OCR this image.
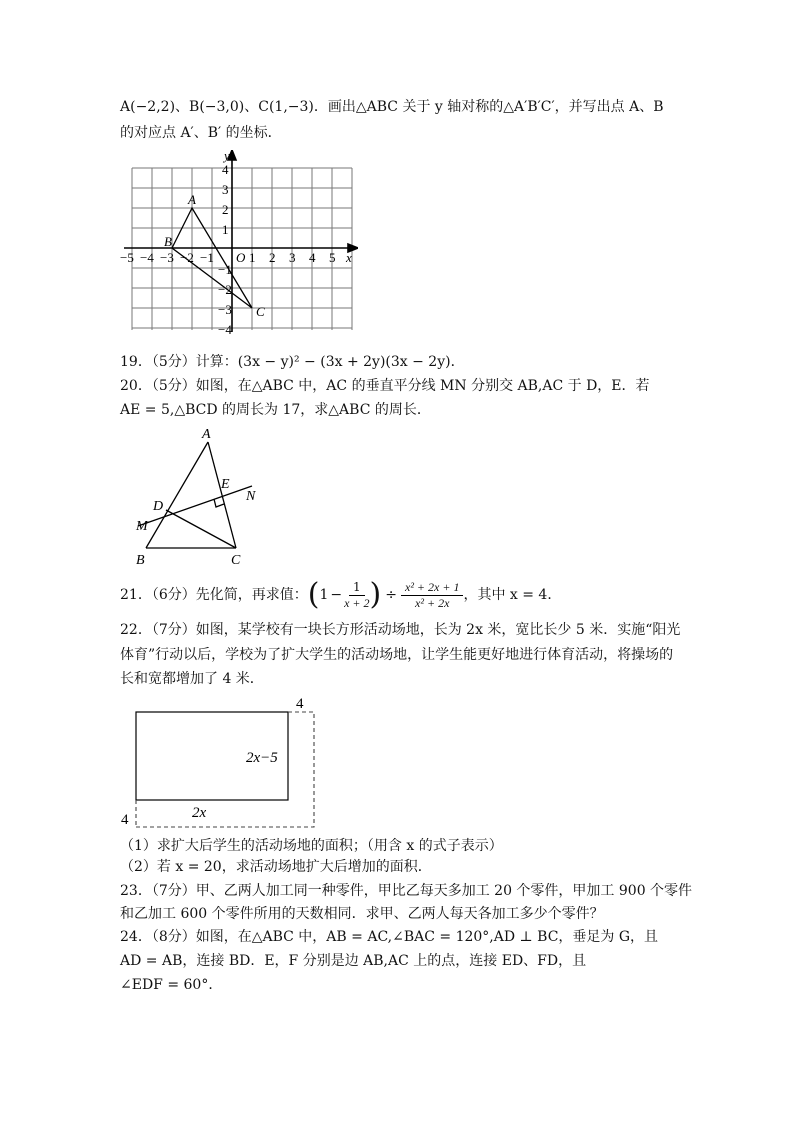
A(−2,2)、B(−3,0)、C(1,−3)．画出△ABC 关于 y 轴对称的△A′B′C′，并写出点 A、B
的对应点 A′、B′ 的坐标．
x
y
O
−5 −4 −3 −2 −1	1 2 3 4 5
4
3
2
1
−1
−2
−3
−4
A
B
C
19．（5分）计算：(3x − y)² − (3x + 2y)(3x − 2y)．
20．（5分）如图，在△ABC 中，AC 的垂直平分线 MN 分别交 AB,AC 于 D，E．若
AE = 5,△BCD 的周长为 17，求△ABC 的周长．
A
B	C
D
E
M
N
21．（6分）先化简，再求值： ( $1 - \frac{1}{x + 2}$ ) ÷ $\frac{\text{x² + 2x + 1}}{\text{x² + 2x}}$ ，其中 x = 4．
22．（7分）如图，某学校有一块长方形活动场地，长为 2x 米，宽比长少 5 米．实施“阳光
体育”行动以后，学校为了扩大学生的活动场地，让学生能更好地进行体育活动，将操场的
长和宽都增加了 4 米．
4
2x−5
2x
4
（1）求扩大后学生的活动场地的面积；（用含 x 的式子表示）
（2）若 x = 20，求活动场地扩大后增加的面积．
23．（7分）甲、乙两人加工同一种零件，甲比乙每天多加工 20 个零件，甲加工 900 个零件
和乙加工 600 个零件所用的天数相同．求甲、乙两人每天各加工多少个零件？
24．（8分）如图，在△ABC 中，AB = AC,∠BAC = 120°,AD ⊥ BC，垂足为 G，且
AD = AB，连接 BD．E，F 分别是边 AB,AC 上的点，连接 ED、FD，且
∠EDF = 60°．
